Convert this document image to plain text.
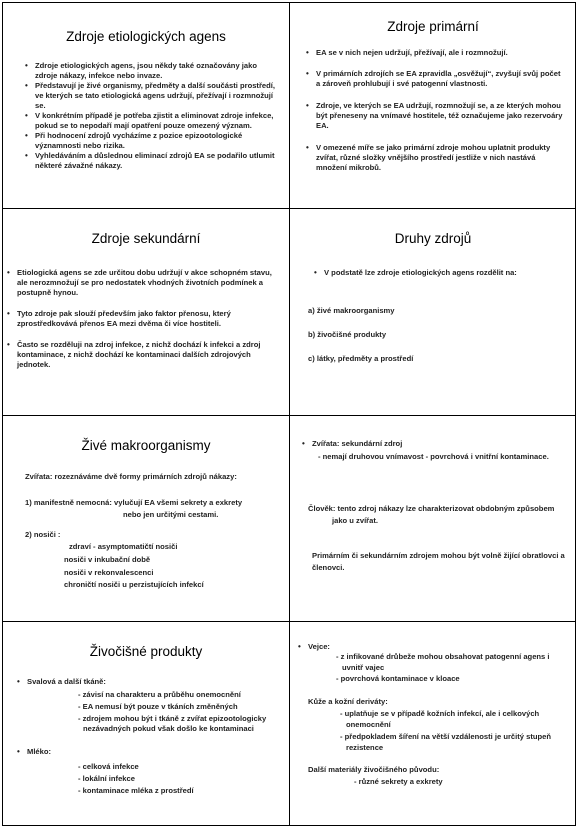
Zdroje etiologických agens
• Zdroje etiologických agens, jsou někdy také označovány jako zdroje nákazy, infekce nebo invaze.
• Představují je živé organismy, předměty a další součásti prostředí, ve kterých se tato etiologická agens udržují, přežívají i rozmnožují se.
• V konkrétním případě je potřeba zjistit a eliminovat zdroje infekce, pokud se to nepodaří mají opatření pouze omezený význam.
• Při hodnocení zdrojů vycházíme z pozice epizootologické významnosti nebo rizika.
• Vyhledáváním a důslednou eliminací zdrojů EA se podařilo utlumit některé závažné nákazy.
Zdroje primární
• EA se v nich nejen udržují, přežívají, ale i rozmnožují.
• V primárních zdrojích se EA zpravidla „osvěžují“, zvyšují svůj počet a zároveň prohlubují i své patogenní vlastnosti.
• Zdroje, ve kterých se EA udržují, rozmnožují se, a ze kterých mohou být přeneseny na vnímavé hostitele, též označujeme jako rezervoáry EA.
• V omezené míře se jako primární zdroje mohou uplatnit produkty zvířat, různé složky vnějšího prostředí jestliže v nich nastává množení mikrobů.
Zdroje sekundární
• Etiologická agens se zde určitou dobu udržují v akce schopném stavu, ale nerozmnožují se pro nedostatek vhodných životních podmínek a postupně hynou.
• Tyto zdroje pak slouží především jako faktor přenosu, který zprostředkovává přenos EA mezi dvěma či více hostiteli.
• Často se rozděluji na zdroj infekce, z nichž dochází k infekci a zdroj kontaminace, z nichž dochází ke kontaminaci dalších zdrojových jednotek.
Druhy zdrojů
• V podstatě lze zdroje etiologických agens rozdělit na:
a) živé makroorganismy
b) živočišné produkty
c) látky, předměty a prostředí
Živé makroorganismy
Zvířata: rozeznáváme dvě formy primárních zdrojů nákazy:
1) manifestně nemocná: vylučují EA všemi sekrety a exkrety
nebo jen určitými cestami.
2) nosiči :
zdraví - asymptomatičtí nosiči
nosiči v inkubační době
nosiči v rekonvalescenci
chroničtí nosiči u perzistujících infekcí
• Zvířata: sekundární zdroj
- nemají druhovou vnímavost - povrchová i vnitřní kontaminace.
Člověk: tento zdroj nákazy lze charakterizovat obdobným způsobem
jako u zvířat.
Primárním či sekundárním zdrojem mohou být volně žijící obratlovci a
členovci.
Živočišné produkty
• Svalová a další tkáně:
- závisí na charakteru a průběhu onemocnění
- EA nemusí být pouze v tkáních změněných
- zdrojem mohou být i tkáně z zvířat epizootologicky
nezávadných pokud však došlo ke kontaminaci
• Mléko:
- celková infekce
- lokální infekce
- kontaminace mléka z prostředí
• Vejce:
- z infikované drůbeže mohou obsahovat patogenní agens i
uvnitř vajec
- povrchová kontaminace v kloace
Kůže a kožní deriváty:
- uplatňuje se v případě kožních infekcí, ale i celkových
onemocnění
- předpokladem šíření na větší vzdálenosti je určitý stupeň
rezistence
Další materiály živočišného původu:
- různé sekrety a exkrety
